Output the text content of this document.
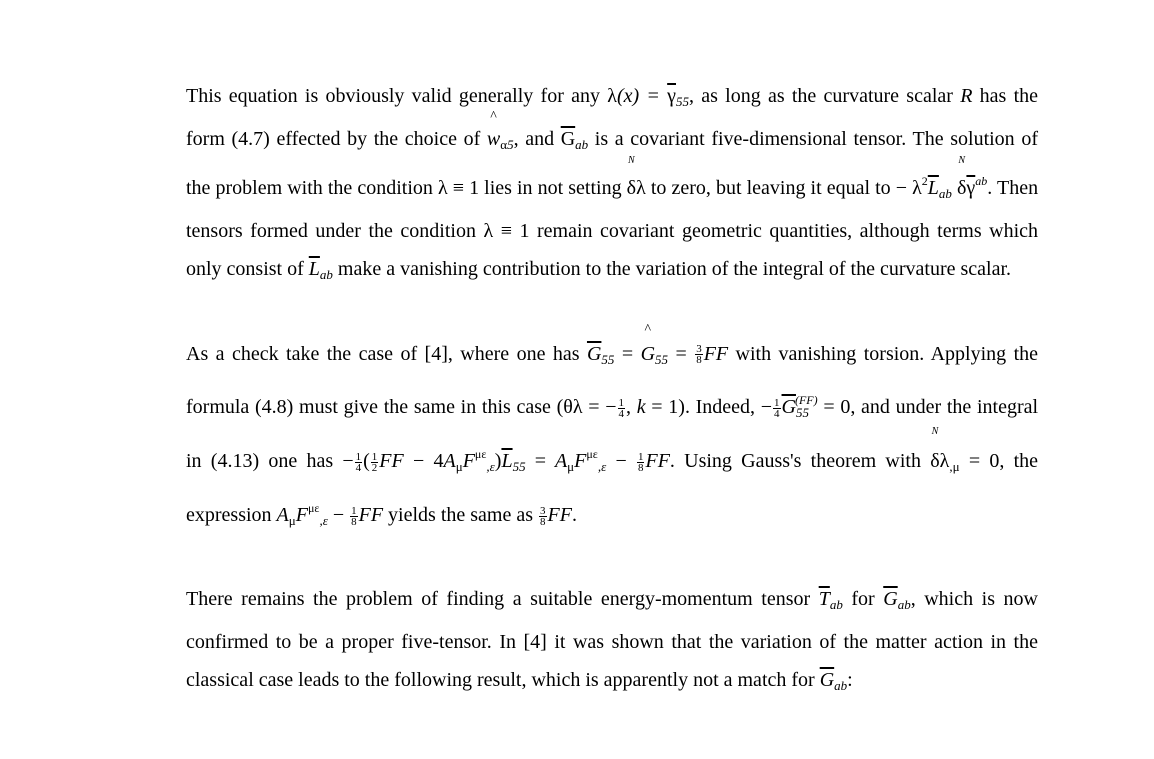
This equation is obviously valid generally for any $\lambda(x) = \overline{\gamma}_{55}$, as long as the curvature scalar R has the form (4.7) effected by the choice of ^ $w_{\alpha 5}$, and $\overline{G}_{ab}$ is a covariant five-dimensional tensor. The solution of the problem with the condition λ ≡ 1 lies in not setting N δλ to zero, but leaving it equal to − $\lambda^2\overline{L}_{ab}$ N $\delta\overline{\gamma}^{ab}$. Then tensors formed under the condition λ ≡ 1 remain covariant geometric quantities, although terms which only consist of $\overline{L}_{ab}$ make a vanishing contribution to the variation of the integral of the curvature scalar.

As a check take the case of [4], where one has $\overline{G}_{55}$ = ^ $G_{55} = \frac{3}{8}$ FF with vanishing torsion. Applying the formula (4.8) must give the same in this case (θλ = − $\frac{1}{4}$ , k = 1). Indeed, − $\frac{1}{4} \overline{G}_{55}^{(FF)} = 0$, and under the integral in (4.13) one has − $\frac{1}{4}$ ( $\frac{1}{2}$ FF − $4A_\mu F^{\mu\varepsilon}_{,\varepsilon})\overline{L}_{55} = A_\mu F^{\mu\varepsilon}_{,\varepsilon} - \frac{1}{8}$ FF. Using Gauss's theorem with N $\delta\lambda_{,\mu} = 0$, the expression $A_\mu F^{\mu\varepsilon}_{,\varepsilon} - \frac{1}{8}$ FF yields the same as $\frac{3}{8}$ FF.

There remains the problem of finding a suitable energy-momentum tensor $\overline{T}_{ab}$ for $\overline{G}_{ab}$, which is now confirmed to be a proper five-tensor. In [4] it was shown that the variation of the matter action in the classical case leads to the following result, which is apparently not a match for $\overline{G}_{ab}$:
